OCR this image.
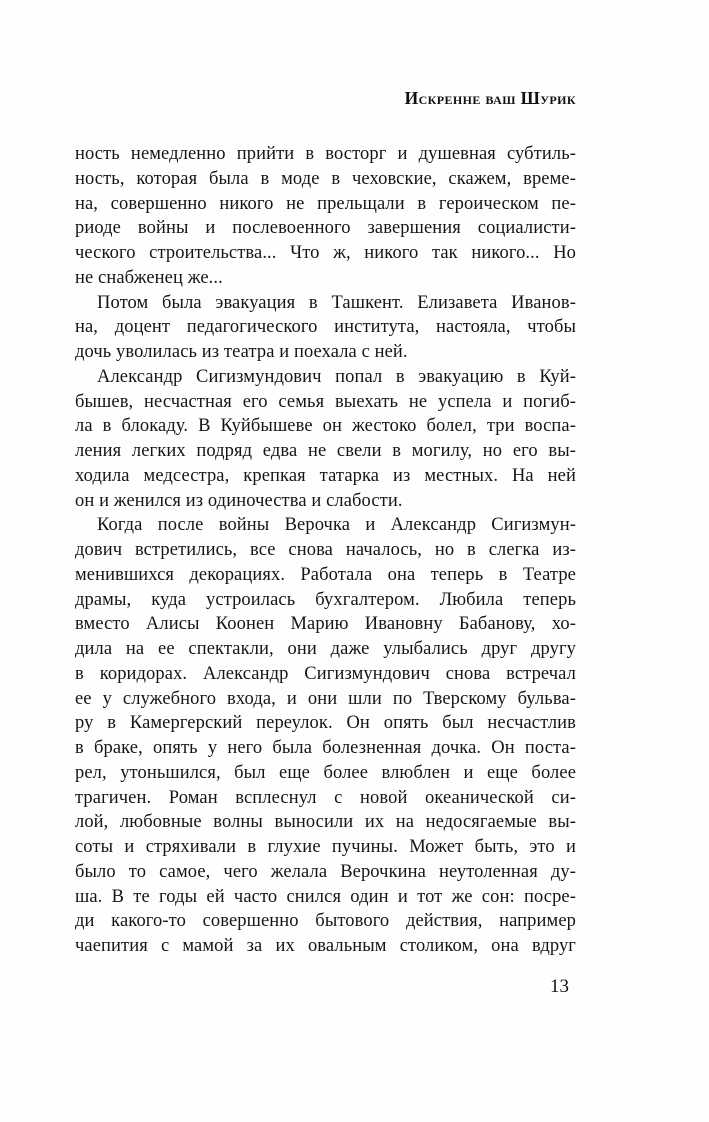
Искренне ваш Шурик
ность немедленно прийти в восторг и душевная субтиль-
ность, которая была в моде в чеховские, скажем, време-
на, совершенно никого не прельщали в героическом пе-
риоде войны и послевоенного завершения социалисти-
ческого строительства... Что ж, никого так никого... Но
не снабженец же...
Потом была эвакуация в Ташкент. Елизавета Иванов-
на, доцент педагогического института, настояла, чтобы
дочь уволилась из театра и поехала с ней.
Александр Сигизмундович попал в эвакуацию в Куй-
бышев, несчастная его семья выехать не успела и погиб-
ла в блокаду. В Куйбышеве он жестоко болел, три воспа-
ления легких подряд едва не свели в могилу, но его вы-
ходила медсестра, крепкая татарка из местных. На ней
он и женился из одиночества и слабости.
Когда после войны Верочка и Александр Сигизмун-
дович встретились, все снова началось, но в слегка из-
менившихся декорациях. Работала она теперь в Театре
драмы, куда устроилась бухгалтером. Любила теперь
вместо Алисы Коонен Марию Ивановну Бабанову, хо-
дила на ее спектакли, они даже улыбались друг другу
в коридорах. Александр Сигизмундович снова встречал
ее у служебного входа, и они шли по Тверскому бульва-
ру в Камергерский переулок. Он опять был несчастлив
в браке, опять у него была болезненная дочка. Он поста-
рел, утоньшился, был еще более влюблен и еще более
трагичен. Роман всплеснул с новой океанической си-
лой, любовные волны выносили их на недосягаемые вы-
соты и стряхивали в глухие пучины. Может быть, это и
было то самое, чего желала Верочкина неутоленная ду-
ша. В те годы ей часто снился один и тот же сон: посре-
ди какого-то совершенно бытового действия, например
чаепития с мамой за их овальным столиком, она вдруг
13
